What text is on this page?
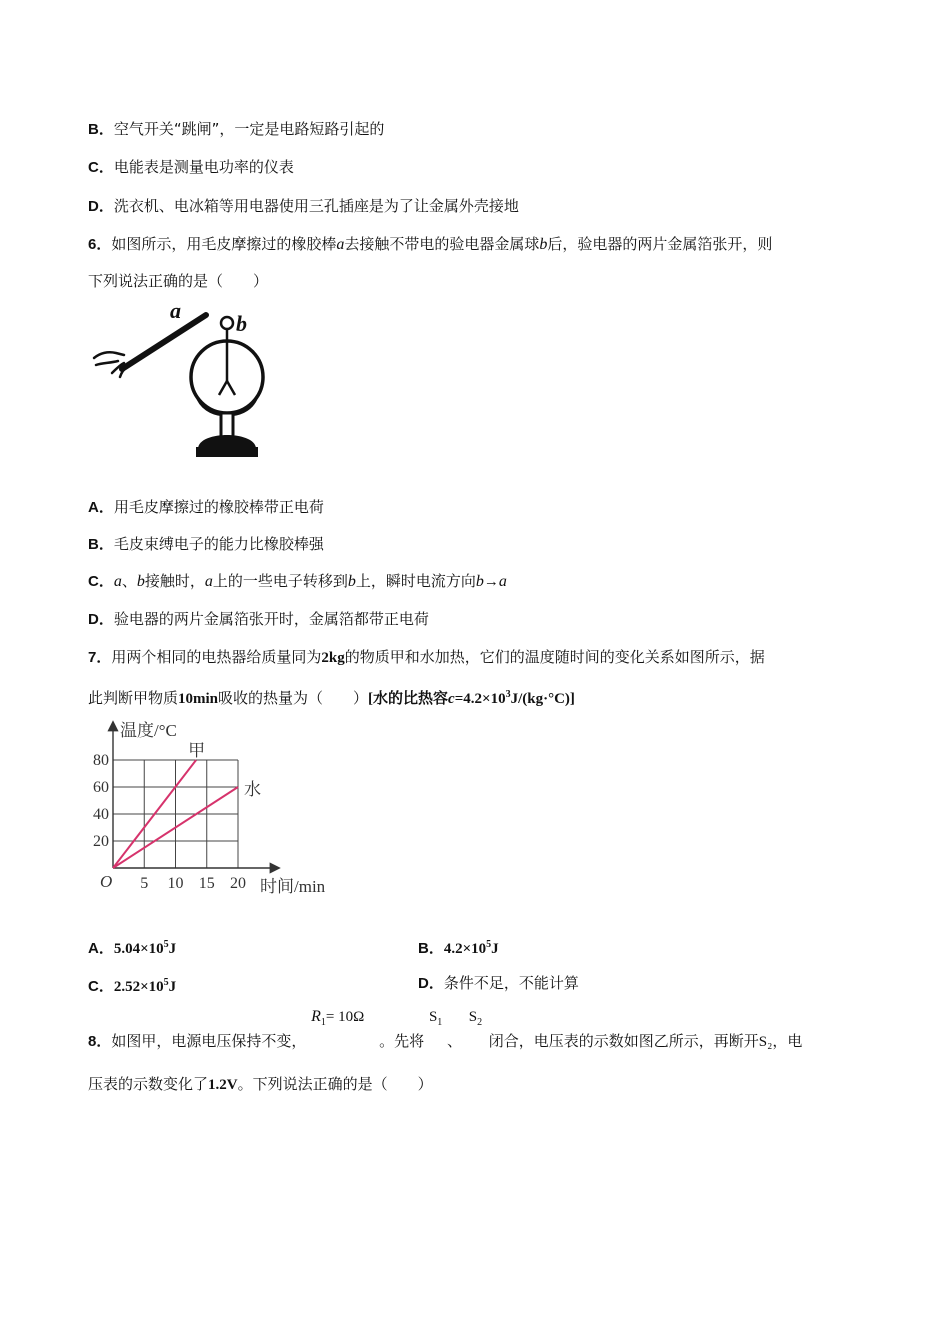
B．空气开关“跳闸”，一定是电路短路引起的
C．电能表是测量电功率的仪表
D．洗衣机、电冰箱等用电器使用三孔插座是为了让金属外壳接地
6．如图所示，用毛皮摩擦过的橡胶棒a去接触不带电的验电器金属球b后，验电器的两片金属箔张开，则
下列说法正确的是（　　）
a
b
A．用毛皮摩擦过的橡胶棒带正电荷
B．毛皮束缚电子的能力比橡胶棒强
C．a、b接触时，a上的一些电子转移到b上，瞬时电流方向b→a
D．验电器的两片金属箔张开时，金属箔都带正电荷
7．用两个相同的电热器给质量同为2kg的物质甲和水加热，它们的温度随时间的变化关系如图所示，据
此判断甲物质10min吸收的热量为（　　）[水的比热容$c=4.2\times 10^3J/(kg\cdot^\circ C)$]
温度/°C
时间/min
O 5 10 15 20
20
40
60
80
甲
水
A．$5.04\times 10^5J$	B．$4.2\times 10^5J$
C．$2.52\times 10^5J$	D．条件不足，不能计算
8．如图甲，电源电压保持不变，
$R_1= 10\Omega$
。先将
$S_1$
、
$S_2$
闭合，电压表的示数如图乙所示，再断开S₂，电
压表的示数变化了1.2V。下列说法正确的是（　　）
